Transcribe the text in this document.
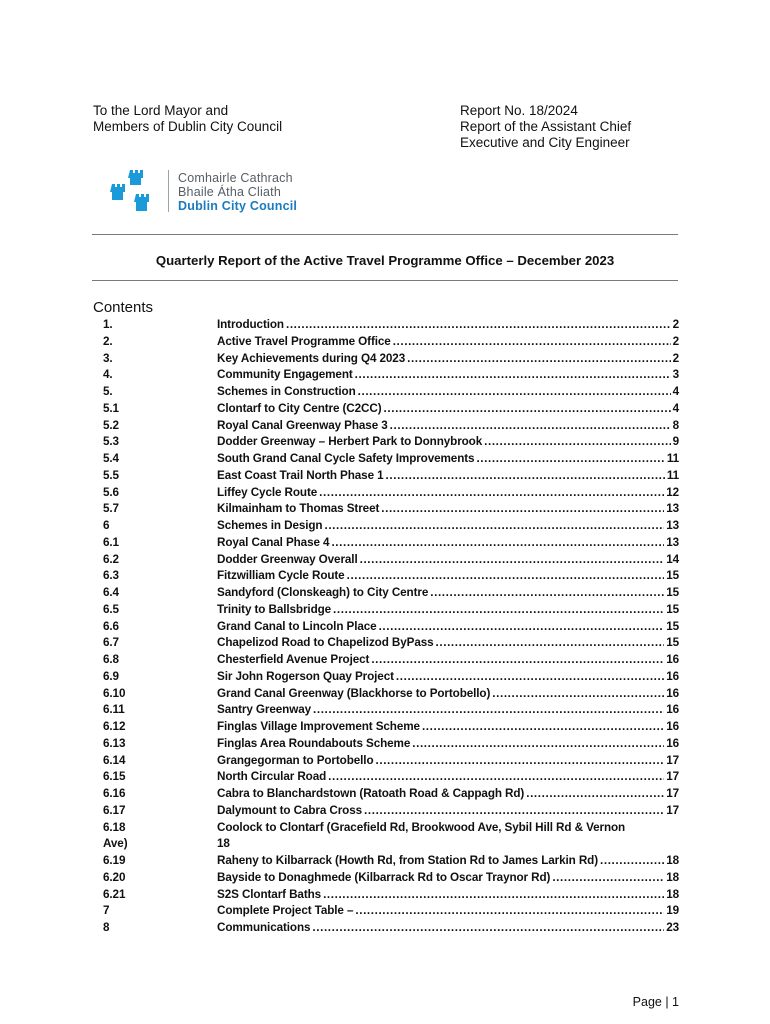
To the Lord Mayor and
Members of Dublin City Council
Report No. 18/2024
Report of the Assistant Chief
Executive and City Engineer
Comhairle Cathrach
Bhaile Átha Cliath
Dublin City Council
Quarterly Report of the Active Travel Programme Office – December 2023
Contents
1.	Introduction .....	2
2.	Active Travel Programme Office .....	2
3.	Key Achievements during Q4 2023 .....	2
4.	Community Engagement .....	3
5.	Schemes in Construction .....	4
5.1	Clontarf to City Centre (C2CC) .....	4
5.2	Royal Canal Greenway Phase 3 .....	8
5.3	Dodder Greenway – Herbert Park to Donnybrook .....	9
5.4	South Grand Canal Cycle Safety Improvements .....	11
5.5	East Coast Trail North Phase 1 .....	11
5.6	Liffey Cycle Route .....	12
5.7	Kilmainham to Thomas Street .....	13
6	Schemes in Design .....	13
6.1	Royal Canal Phase 4 .....	13
6.2	Dodder Greenway Overall .....	14
6.3	Fitzwilliam Cycle Route .....	15
6.4	Sandyford (Clonskeagh) to City Centre .....	15
6.5	Trinity to Ballsbridge .....	15
6.6	Grand Canal to Lincoln Place .....	15
6.7	Chapelizod Road to Chapelizod ByPass .....	15
6.8	Chesterfield Avenue Project .....	16
6.9	Sir John Rogerson Quay Project .....	16
6.10	Grand Canal Greenway (Blackhorse to Portobello) .....	16
6.11	Santry Greenway .....	16
6.12	Finglas Village Improvement Scheme .....	16
6.13	Finglas Area Roundabouts Scheme .....	16
6.14	Grangegorman to Portobello .....	17
6.15	North Circular Road .....	17
6.16	Cabra to Blanchardstown (Ratoath Road & Cappagh Rd) .....	17
6.17	Dalymount to Cabra Cross .....	17
6.18	Coolock to Clontarf (Gracefield Rd, Brookwood Ave, Sybil Hill Rd & Vernon
Ave)	18
6.19	Raheny to Kilbarrack (Howth Rd, from Station Rd to James Larkin Rd) .....	18
6.20	Bayside to Donaghmede (Kilbarrack Rd to Oscar Traynor Rd) .....	18
6.21	S2S Clontarf Baths .....	18
7	Complete Project Table – .....	19
8	Communications .....	23
Page | 1
